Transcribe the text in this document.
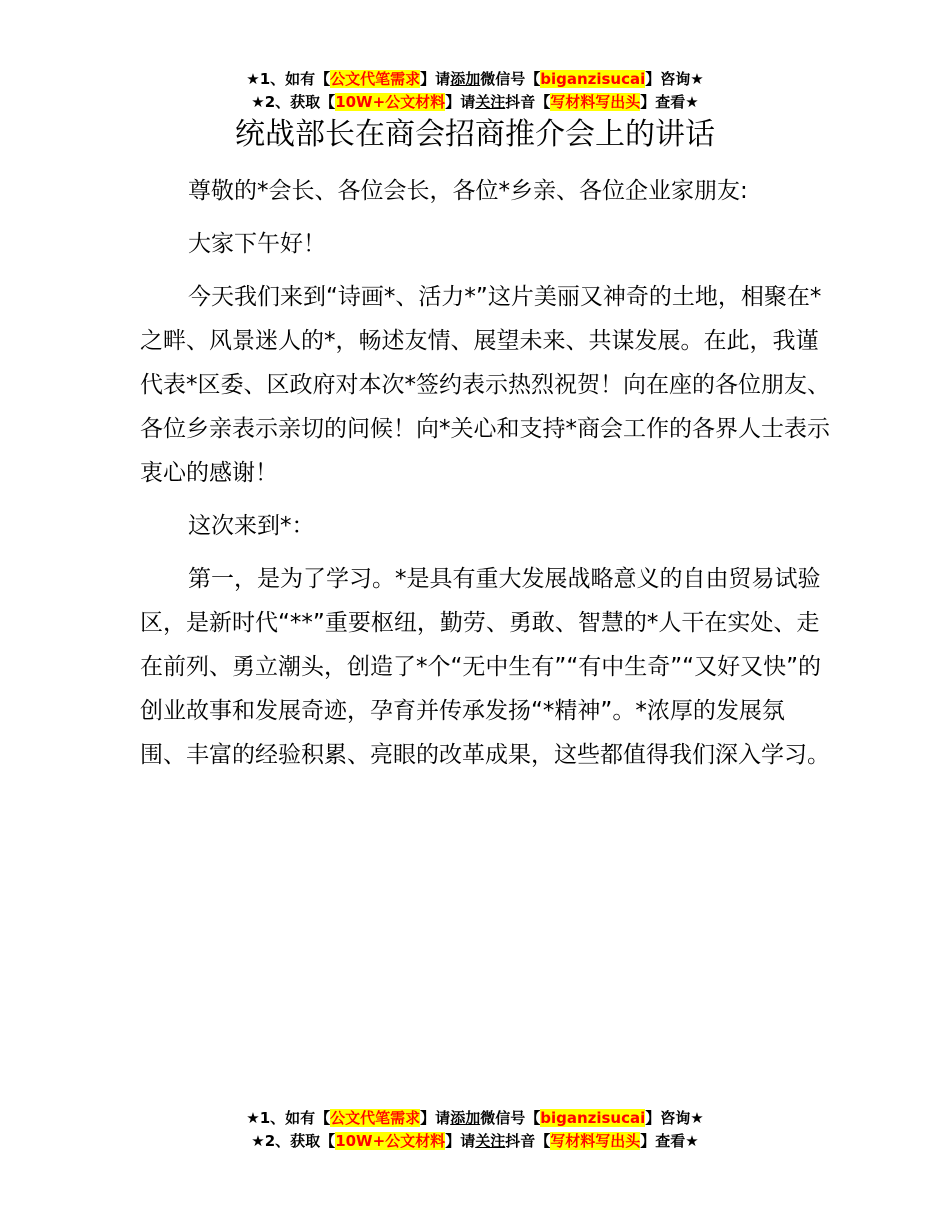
★1、如有【公文代笔需求】请添加微信号【biganzisucai】咨询★
★2、获取【10W+公文材料】请关注抖音【写材料写出头】查看★
统战部长在商会招商推介会上的讲话

尊敬的*会长、各位会长，各位*乡亲、各位企业家朋友:

大家下午好！

今天我们来到“诗画*、活力*”这片美丽又神奇的土地，相聚在*之畔、风景迷人的*，畅述友情、展望未来、共谋发展。在此，我谨代表*区委、区政府对本次*签约表示热烈祝贺！向在座的各位朋友、各位乡亲表示亲切的问候！向*关心和支持*商会工作的各界人士表示衷心的感谢！

这次来到*：

第一，是为了学习。*是具有重大发展战略意义的自由贸易试验区，是新时代“**”重要枢纽，勤劳、勇敢、智慧的*人干在实处、走在前列、勇立潮头，创造了*个“无中生有”“有中生奇”“又好又快”的创业故事和发展奇迹，孕育并传承发扬“*精神”。*浓厚的发展氛围、丰富的经验积累、亮眼的改革成果，这些都值得我们深入学习。

★1、如有【公文代笔需求】请添加微信号【biganzisucai】咨询★
★2、获取【10W+公文材料】请关注抖音【写材料写出头】查看★
